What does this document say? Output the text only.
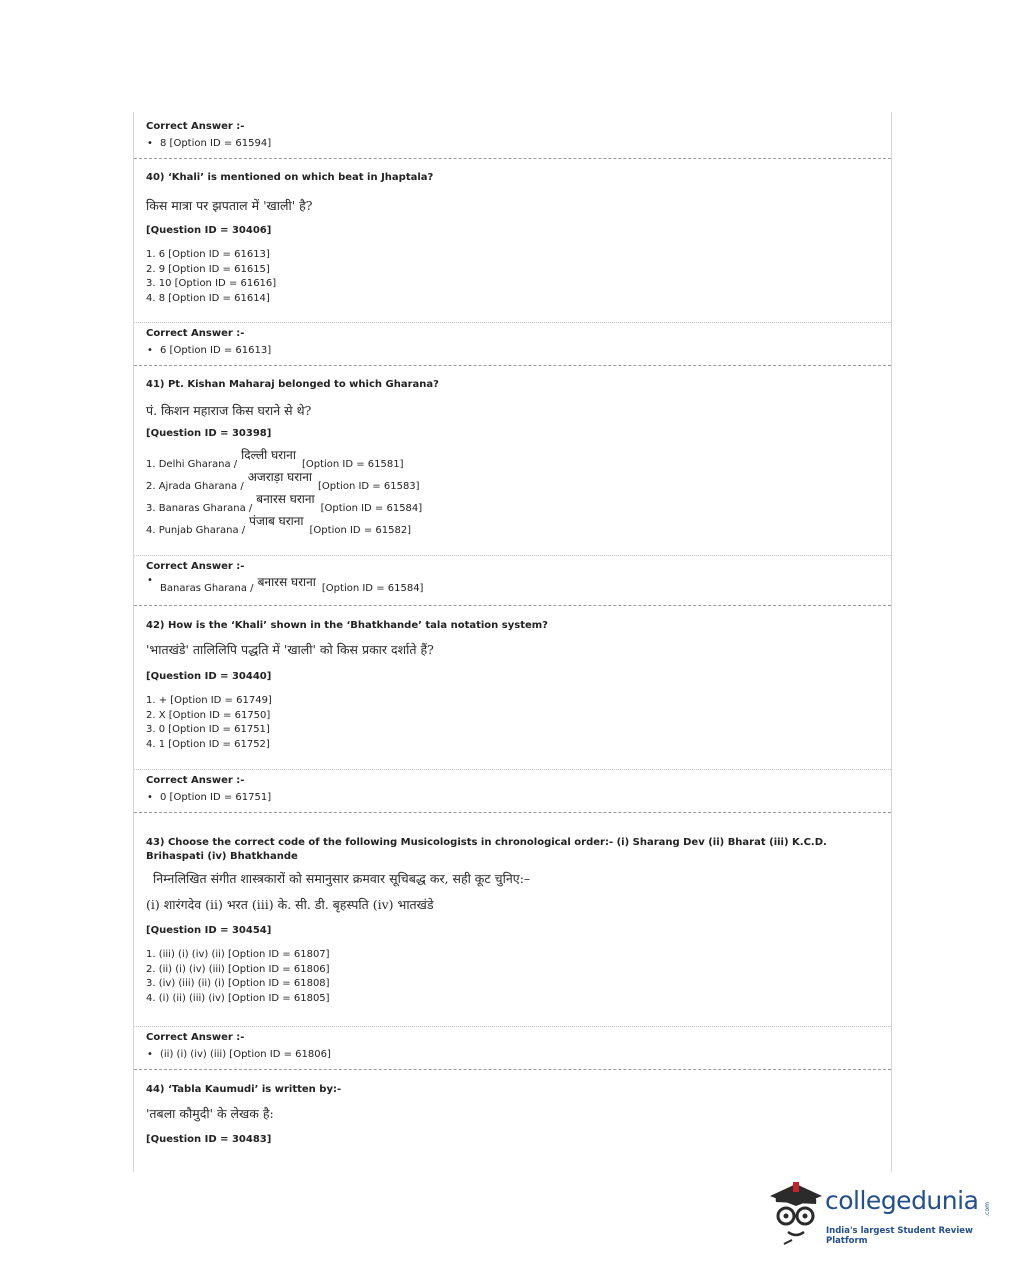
Correct Answer :-

• 8 [Option ID = 61594]

40) ‘Khali’ is mentioned on which beat in Jhaptala?

किस मात्रा पर झपताल में 'खाली' है?

[Question ID = 30406]

1. 6 [Option ID = 61613]

2. 9 [Option ID = 61615]

3. 10 [Option ID = 61616]

4. 8 [Option ID = 61614]

Correct Answer :-

• 6 [Option ID = 61613]

41) Pt. Kishan Maharaj belonged to which Gharana?

पं. किशन महाराज किस घराने से थे?

[Question ID = 30398]

1. Delhi Gharana /
दिल्ली घराना
[Option ID = 61581]

2. Ajrada Gharana /
अजराड़ा घराना
[Option ID = 61583]

3. Banaras Gharana /
बनारस घराना
[Option ID = 61584]

4. Punjab Gharana /
पंजाब घराना
[Option ID = 61582]

Correct Answer :-

• Banaras Gharana / बनारस घराना [Option ID = 61584]

42) How is the ‘Khali’ shown in the ‘Bhatkhande’ tala notation system?

'भातखंडे' तालिलिपि पद्धति में 'खाली' को किस प्रकार दर्शाते हैं?

[Question ID = 30440]

1. + [Option ID = 61749]

2. X [Option ID = 61750]

3. 0 [Option ID = 61751]

4. 1 [Option ID = 61752]

Correct Answer :-

• 0 [Option ID = 61751]

43) Choose the correct code of the following Musicologists in chronological order:- (i) Sharang Dev (ii) Bharat (iii) K.C.D. Brihaspati (iv) Bhatkhande

निम्नलिखित संगीत शास्त्रकारों को समानुसार क्रमवार सूचिबद्ध कर, सही कूट चुनिए:–

(i) शारंगदेव (ii) भरत (iii) के. सी. डी. बृहस्पति (iv) भातखंडे

[Question ID = 30454]

1. (iii) (i) (iv) (ii) [Option ID = 61807]

2. (ii) (i) (iv) (iii) [Option ID = 61806]

3. (iv) (iii) (ii) (i) [Option ID = 61808]

4. (i) (ii) (iii) (iv) [Option ID = 61805]

Correct Answer :-

• (ii) (i) (iv) (iii) [Option ID = 61806]

44) ‘Tabla Kaumudi’ is written by:-

'तबला कौमुदी' के लेखक है:

[Question ID = 30483]

collegedunia .com
India's largest Student Review Platform
